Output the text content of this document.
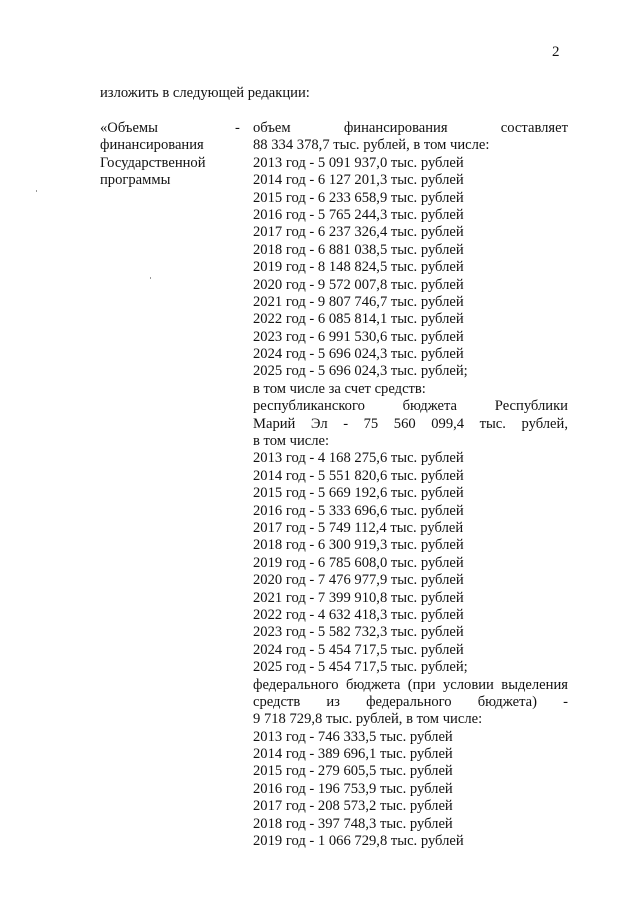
2
изложить в следующей редакции:
«Объемы
финансирования
Государственной
программы
- объем финансирования составляет
88 334 378,7 тыс. рублей, в том числе:
2013 год - 5 091 937,0 тыс. рублей
2014 год - 6 127 201,3 тыс. рублей
2015 год - 6 233 658,9 тыс. рублей
2016 год - 5 765 244,3 тыс. рублей
2017 год - 6 237 326,4 тыс. рублей
2018 год - 6 881 038,5 тыс. рублей
2019 год - 8 148 824,5 тыс. рублей
2020 год - 9 572 007,8 тыс. рублей
2021 год - 9 807 746,7 тыс. рублей
2022 год - 6 085 814,1 тыс. рублей
2023 год - 6 991 530,6 тыс. рублей
2024 год - 5 696 024,3 тыс. рублей
2025 год - 5 696 024,3 тыс. рублей;
в том числе за счет средств:
республиканского бюджета Республики
Марий Эл - 75 560 099,4 тыс. рублей,
в том числе:
2013 год - 4 168 275,6 тыс. рублей
2014 год - 5 551 820,6 тыс. рублей
2015 год - 5 669 192,6 тыс. рублей
2016 год - 5 333 696,6 тыс. рублей
2017 год - 5 749 112,4 тыс. рублей
2018 год - 6 300 919,3 тыс. рублей
2019 год - 6 785 608,0 тыс. рублей
2020 год - 7 476 977,9 тыс. рублей
2021 год - 7 399 910,8 тыс. рублей
2022 год - 4 632 418,3 тыс. рублей
2023 год - 5 582 732,3 тыс. рублей
2024 год - 5 454 717,5 тыс. рублей
2025 год - 5 454 717,5 тыс. рублей;
федерального бюджета (при условии выделения
средств из федерального бюджета) -
9 718 729,8 тыс. рублей, в том числе:
2013 год - 746 333,5 тыс. рублей
2014 год - 389 696,1 тыс. рублей
2015 год - 279 605,5 тыс. рублей
2016 год - 196 753,9 тыс. рублей
2017 год - 208 573,2 тыс. рублей
2018 год - 397 748,3 тыс. рублей
2019 год - 1 066 729,8 тыс. рублей
